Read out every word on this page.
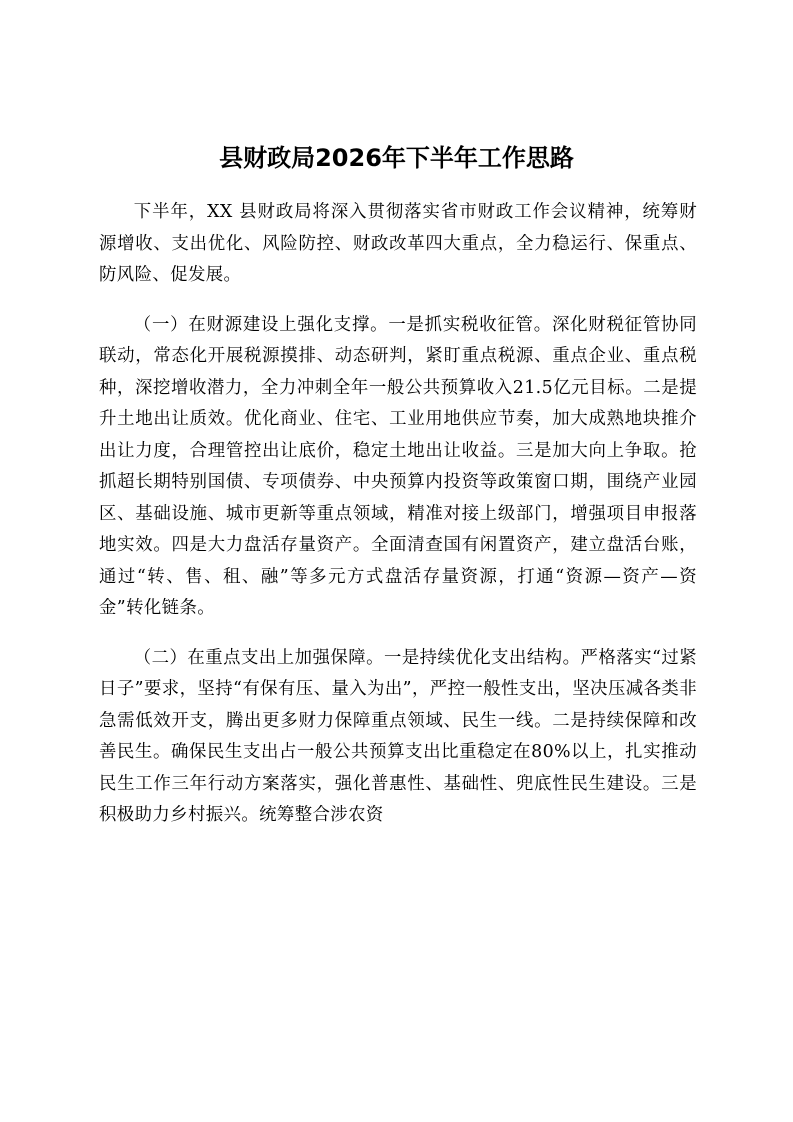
县财政局2026年下半年工作思路

下半年，XX 县财政局将深入贯彻落实省市财政工作会议精神，统筹财源增收、支出优化、风险防控、财政改革四大重点，全力稳运行、保重点、防风险、促发展。

（一）在财源建设上强化支撑。一是抓实税收征管。深化财税征管协同联动，常态化开展税源摸排、动态研判，紧盯重点税源、重点企业、重点税种，深挖增收潜力，全力冲刺全年一般公共预算收入21.5亿元目标。二是提升土地出让质效。优化商业、住宅、工业用地供应节奏，加大成熟地块推介出让力度，合理管控出让底价，稳定土地出让收益。三是加大向上争取。抢抓超长期特别国债、专项债券、中央预算内投资等政策窗口期，围绕产业园区、基础设施、城市更新等重点领域，精准对接上级部门，增强项目申报落地实效。四是大力盘活存量资产。全面清查国有闲置资产，建立盘活台账，通过“转、售、租、融”等多元方式盘活存量资源，打通“资源—资产—资金”转化链条。

（二）在重点支出上加强保障。一是持续优化支出结构。严格落实“过紧日子”要求，坚持“有保有压、量入为出”，严控一般性支出，坚决压减各类非急需低效开支，腾出更多财力保障重点领域、民生一线。二是持续保障和改善民生。确保民生支出占一般公共预算支出比重稳定在80%以上，扎实推动民生工作三年行动方案落实，强化普惠性、基础性、兜底性民生建设。三是积极助力乡村振兴。统筹整合涉农资
